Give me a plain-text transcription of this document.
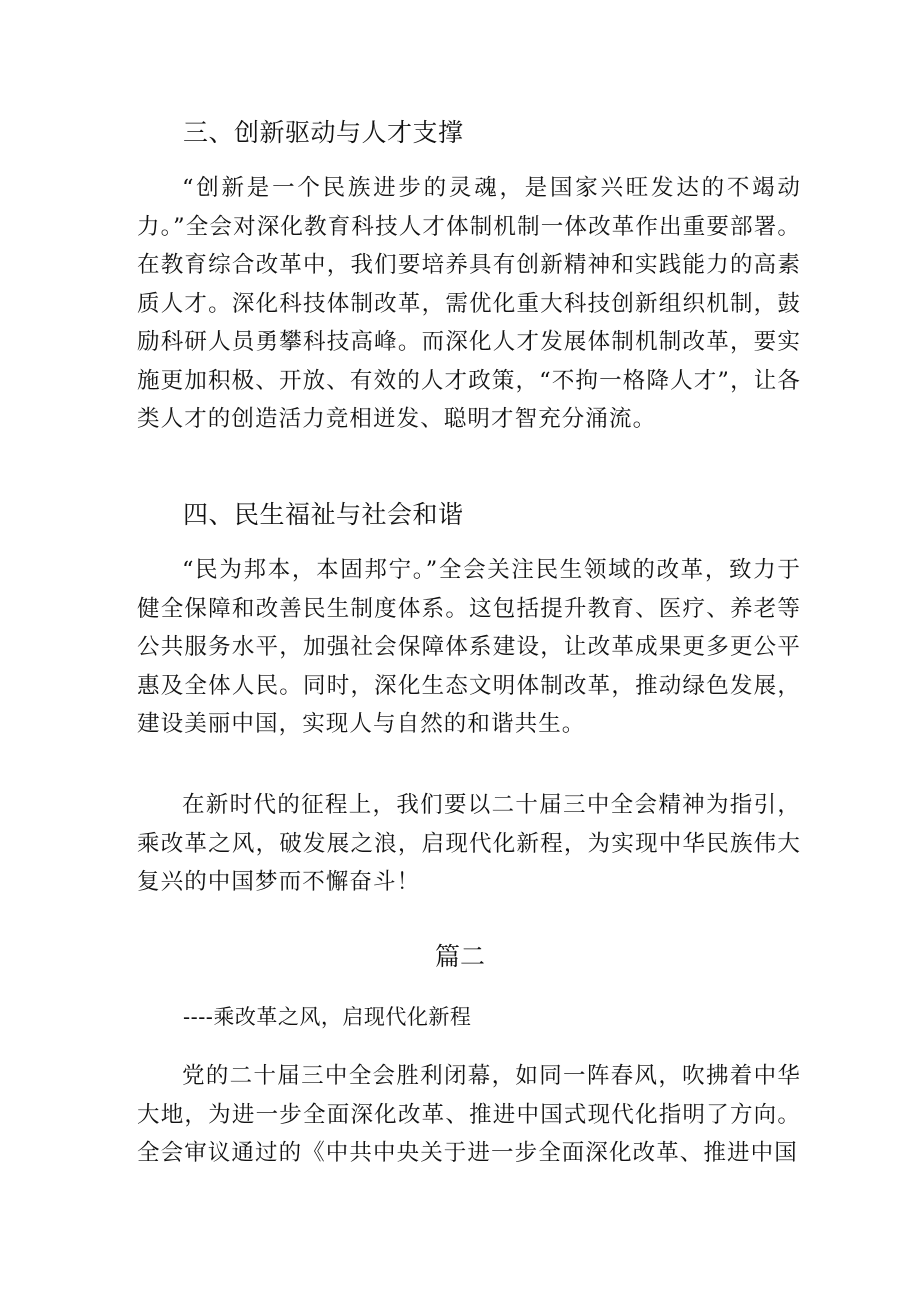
三、创新驱动与人才支撑

“创新是一个民族进步的灵魂，是国家兴旺发达的不竭动力。”全会对深化教育科技人才体制机制一体改革作出重要部署。在教育综合改革中，我们要培养具有创新精神和实践能力的高素质人才。深化科技体制改革，需优化重大科技创新组织机制，鼓励科研人员勇攀科技高峰。而深化人才发展体制机制改革，要实施更加积极、开放、有效的人才政策，“不拘一格降人才”，让各类人才的创造活力竞相迸发、聪明才智充分涌流。

四、民生福祉与社会和谐

“民为邦本，本固邦宁。”全会关注民生领域的改革，致力于健全保障和改善民生制度体系。这包括提升教育、医疗、养老等公共服务水平，加强社会保障体系建设，让改革成果更多更公平惠及全体人民。同时，深化生态文明体制改革，推动绿色发展，建设美丽中国，实现人与自然的和谐共生。

在新时代的征程上，我们要以二十届三中全会精神为指引，乘改革之风，破发展之浪，启现代化新程，为实现中华民族伟大复兴的中国梦而不懈奋斗！

篇二
----乘改革之风，启现代化新程

党的二十届三中全会胜利闭幕，如同一阵春风，吹拂着中华大地，为进一步全面深化改革、推进中国式现代化指明了方向。全会审议通过的《中共中央关于进一步全面深化改革、推进中国
